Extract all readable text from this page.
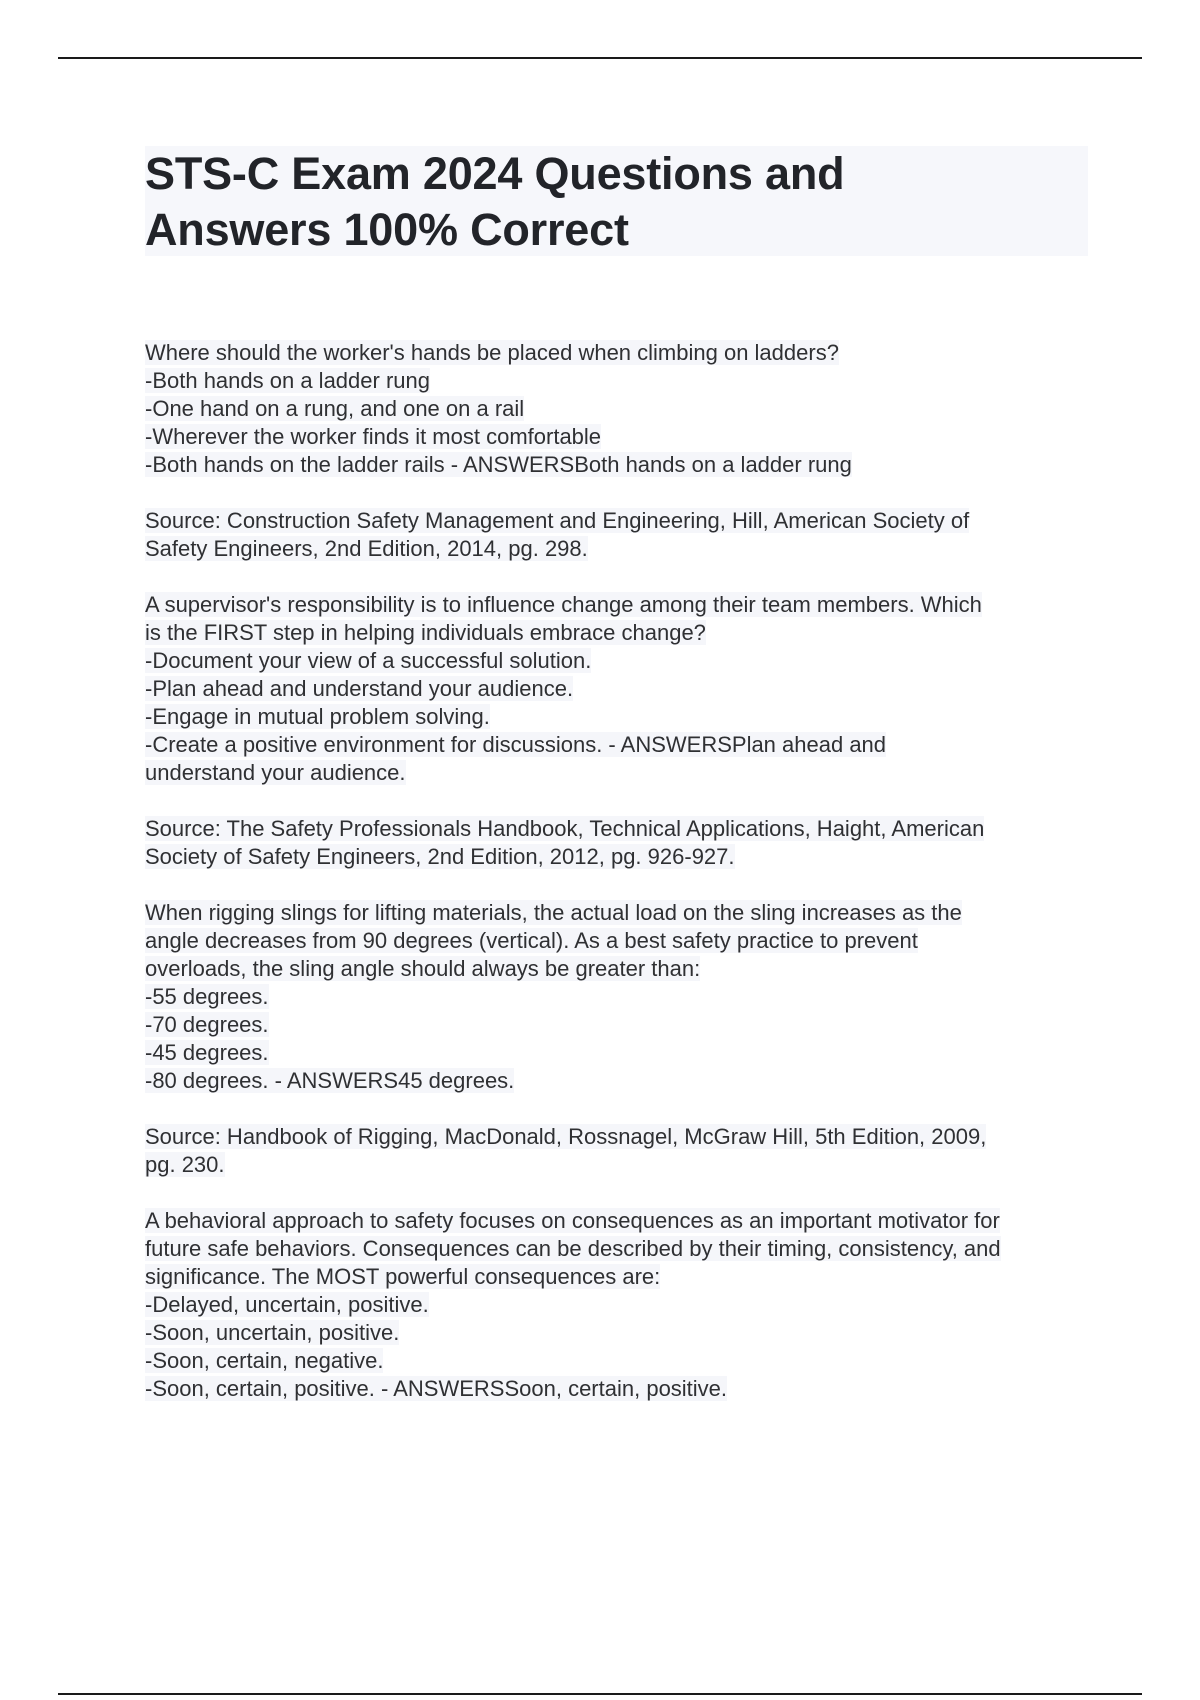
STS-C Exam 2024 Questions and
Answers 100% Correct
Where should the worker's hands be placed when climbing on ladders?
-Both hands on a ladder rung
-One hand on a rung, and one on a rail
-Wherever the worker finds it most comfortable
-Both hands on the ladder rails - ANSWERSBoth hands on a ladder rung
Source: Construction Safety Management and Engineering, Hill, American Society of
Safety Engineers, 2nd Edition, 2014, pg. 298.
A supervisor's responsibility is to influence change among their team members. Which
is the FIRST step in helping individuals embrace change?
-Document your view of a successful solution.
-Plan ahead and understand your audience.
-Engage in mutual problem solving.
-Create a positive environment for discussions. - ANSWERSPlan ahead and
understand your audience.
Source: The Safety Professionals Handbook, Technical Applications, Haight, American
Society of Safety Engineers, 2nd Edition, 2012, pg. 926-927.
When rigging slings for lifting materials, the actual load on the sling increases as the
angle decreases from 90 degrees (vertical). As a best safety practice to prevent
overloads, the sling angle should always be greater than:
-55 degrees.
-70 degrees.
-45 degrees.
-80 degrees. - ANSWERS45 degrees.
Source: Handbook of Rigging, MacDonald, Rossnagel, McGraw Hill, 5th Edition, 2009,
pg. 230.
A behavioral approach to safety focuses on consequences as an important motivator for
future safe behaviors. Consequences can be described by their timing, consistency, and
significance. The MOST powerful consequences are:
-Delayed, uncertain, positive.
-Soon, uncertain, positive.
-Soon, certain, negative.
-Soon, certain, positive. - ANSWERSSoon, certain, positive.
